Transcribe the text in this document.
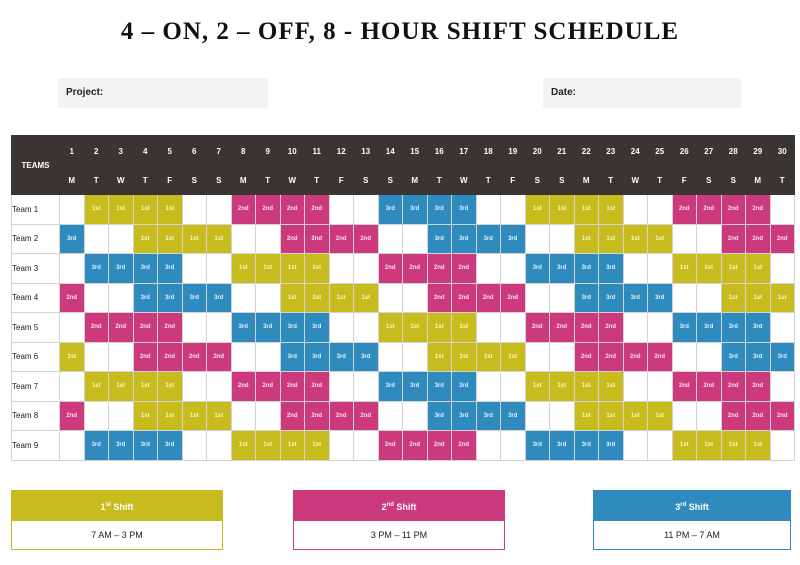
4 – ON, 2 – OFF, 8 - HOUR SHIFT SCHEDULE
Project:	Date:
TEAMS	1	2	3	4	5	6	7	8	9	10	11	12	13	14	15	16	17	18	19	20	21	22	23	24	25	26	27	28	29	30
	M	T	W	T	F	S	S	M	T	W	T	F	S	S	M	T	W	T	F	S	S	M	T	W	T	F	S	S	M	T
Team 1		1st	1st	1st	1st			2nd	2nd	2nd	2nd			3rd	3rd	3rd	3rd			1st	1st	1st	1st			2nd	2nd	2nd	2nd	
Team 2	3rd			1st	1st	1st	1st			2nd	2nd	2nd	2nd			3rd	3rd	3rd	3rd			1st	1st	1st	1st			2nd	2nd	2nd
Team 3		3rd	3rd	3rd	3rd			1st	1st	1st	1st			2nd	2nd	2nd	2nd			3rd	3rd	3rd	3rd			1st	1st	1st	1st	
Team 4	2nd			3rd	3rd	3rd	3rd			1st	1st	1st	1st			2nd	2nd	2nd	2nd			3rd	3rd	3rd	3rd			1st	1st	1st
Team 5		2nd	2nd	2nd	2nd			3rd	3rd	3rd	3rd			1st	1st	1st	1st			2nd	2nd	2nd	2nd			3rd	3rd	3rd	3rd	
Team 6	1st			2nd	2nd	2nd	2nd			3rd	3rd	3rd	3rd			1st	1st	1st	1st			2nd	2nd	2nd	2nd			3rd	3rd	3rd
Team 7		1st	1st	1st	1st			2nd	2nd	2nd	2nd			3rd	3rd	3rd	3rd			1st	1st	1st	1st			2nd	2nd	2nd	2nd	
Team 8	2nd			1st	1st	1st	1st			2nd	2nd	2nd	2nd			3rd	3rd	3rd	3rd			1st	1st	1st	1st			2nd	2nd	2nd
Team 9		3rd	3rd	3rd	3rd			1st	1st	1st	1st			2nd	2nd	2nd	2nd			3rd	3rd	3rd	3rd			1st	1st	1st	1st	
1st Shift
7 AM – 3 PM
2nd Shift
3 PM – 11 PM
3rd Shift
11 PM – 7 AM
